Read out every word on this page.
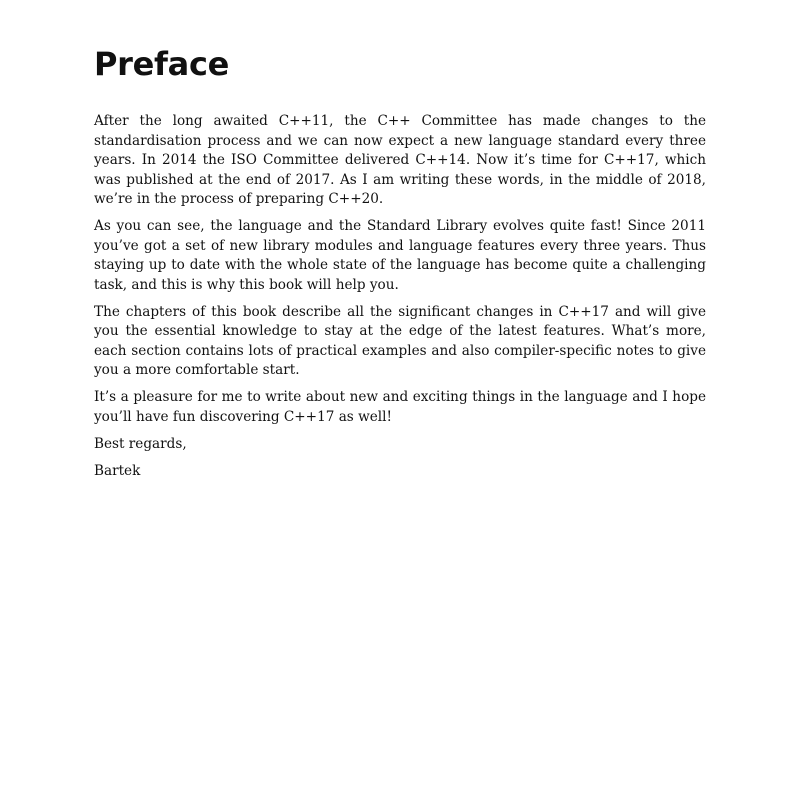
Preface

After the long awaited C++11, the C++ Committee has made changes to the standardisation process and we can now expect a new language standard every three years. In 2014 the ISO Committee delivered C++14. Now it’s time for C++17, which was published at the end of 2017. As I am writing these words, in the middle of 2018, we’re in the process of preparing C++20.

As you can see, the language and the Standard Library evolves quite fast! Since 2011 you’ve got a set of new library modules and language features every three years. Thus staying up to date with the whole state of the language has become quite a challenging task, and this is why this book will help you.

The chapters of this book describe all the significant changes in C++17 and will give you the essential knowledge to stay at the edge of the latest features. What’s more, each section contains lots of practical examples and also compiler-specific notes to give you a more comfortable start.

It’s a pleasure for me to write about new and exciting things in the language and I hope you’ll have fun discovering C++17 as well!

Best regards,

Bartek
